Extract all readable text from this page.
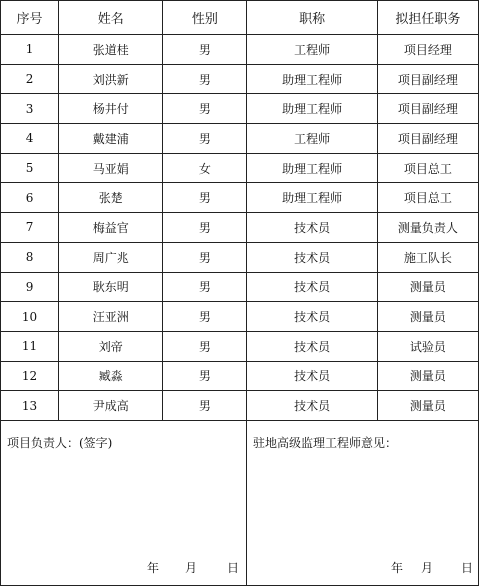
序号	姓名	性别	职称	拟担任职务
1	张道桂	男	工程师	项目经理
2	刘洪新	男	助理工程师	项目副经理
3	杨井付	男	助理工程师	项目副经理
4	戴建浦	男	工程师	项目副经理
5	马亚娟	女	助理工程师	项目总工
6	张楚	男	助理工程师	项目总工
7	梅益官	男	技术员	测量负责人
8	周广兆	男	技术员	施工队长
9	耿东明	男	技术员	测量员
10	汪亚洲	男	技术员	测量员
11	刘帝	男	技术员	试验员
12	臧淼	男	技术员	测量员
13	尹成高	男	技术员	测量员
项目负责人：(签字)
年	月	日
驻地高级监理工程师意见：
年	月	日
